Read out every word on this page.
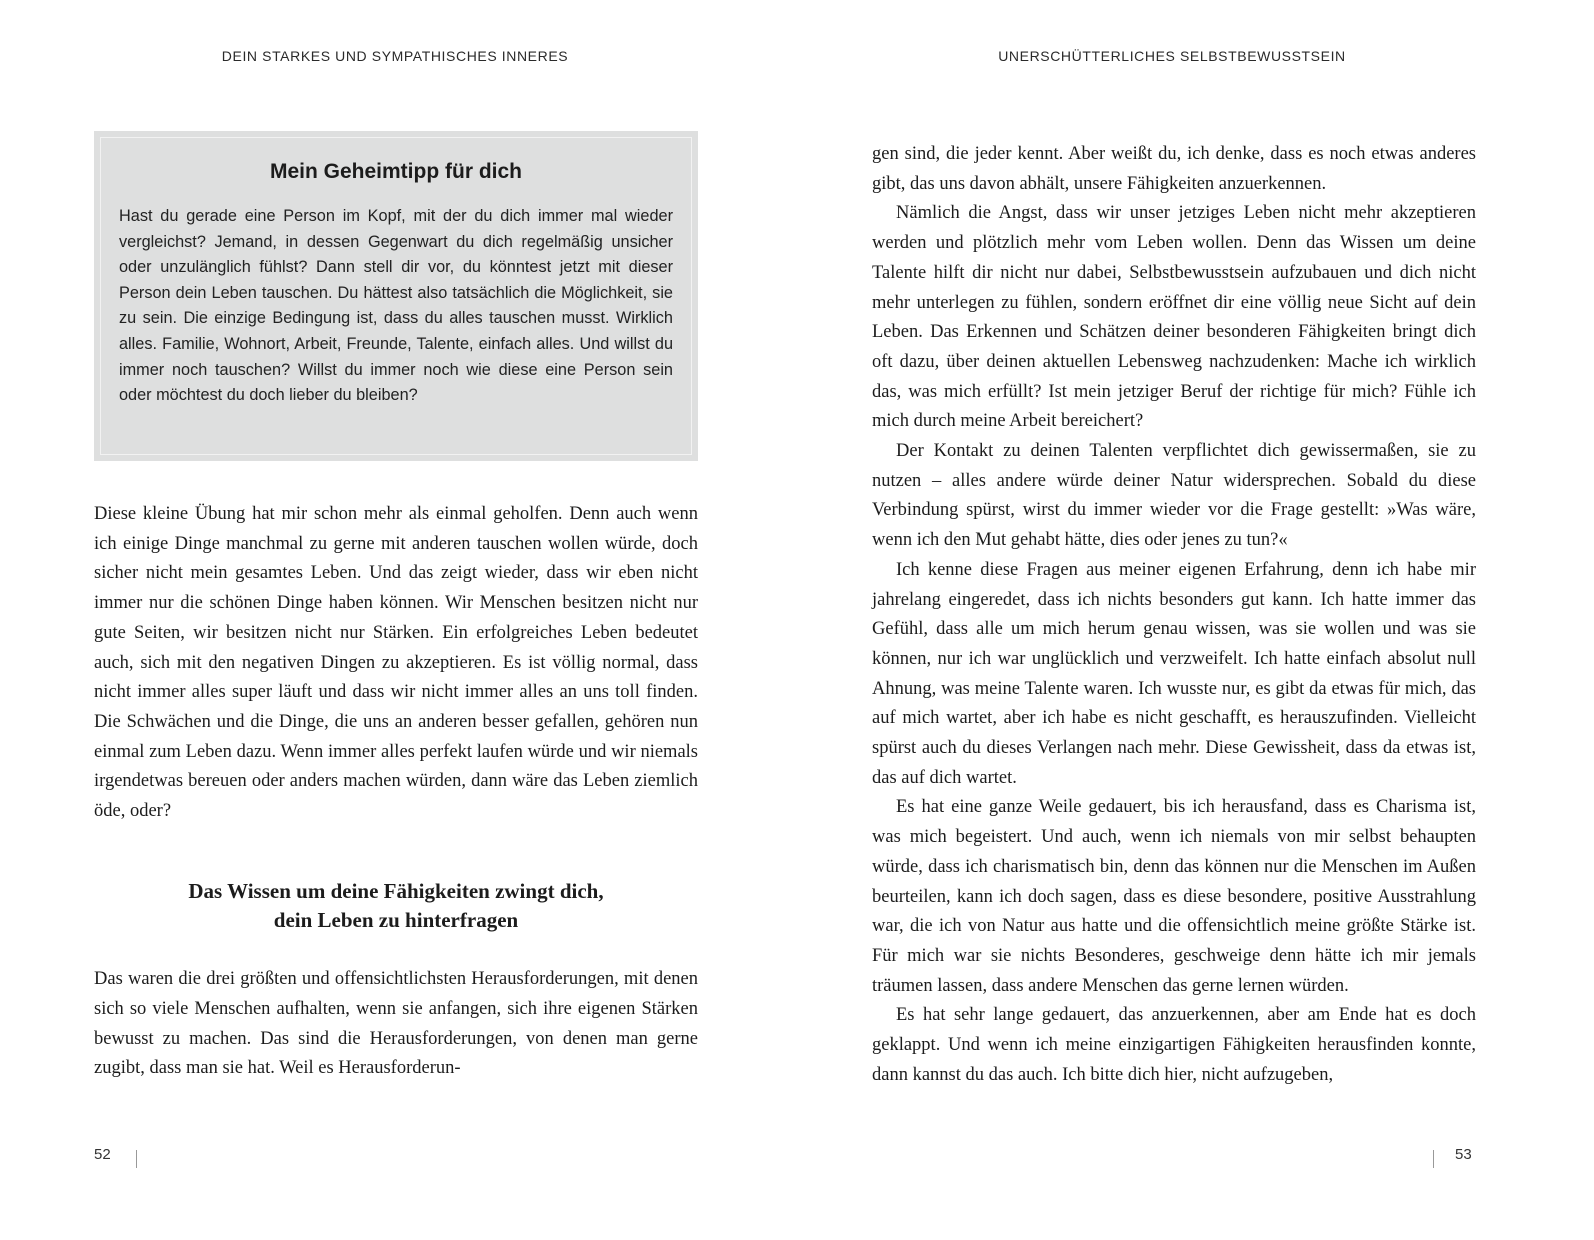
DEIN STARKES UND SYMPATHISCHES INNERES
Mein Geheimtipp für dich

Hast du gerade eine Person im Kopf, mit der du dich immer mal wieder vergleichst? Jemand, in dessen Gegenwart du dich regelmäßig unsicher oder unzulänglich fühlst? Dann stell dir vor, du könntest jetzt mit dieser Person dein Leben tauschen. Du hättest also tatsächlich die Möglichkeit, sie zu sein. Die einzige Bedingung ist, dass du alles tauschen musst. Wirklich alles. Familie, Wohnort, Arbeit, Freunde, Talente, einfach alles. Und willst du immer noch tauschen? Willst du immer noch wie diese eine Person sein oder möchtest du doch lieber du bleiben?

Diese kleine Übung hat mir schon mehr als einmal geholfen. Denn auch wenn ich einige Dinge manchmal zu gerne mit anderen tauschen wollen würde, doch sicher nicht mein gesamtes Leben. Und das zeigt wieder, dass wir eben nicht immer nur die schönen Dinge haben können. Wir Menschen besitzen nicht nur gute Seiten, wir besitzen nicht nur Stärken. Ein erfolgreiches Leben bedeutet auch, sich mit den negativen Dingen zu akzeptieren. Es ist völlig normal, dass nicht immer alles super läuft und dass wir nicht immer alles an uns toll finden. Die Schwächen und die Dinge, die uns an anderen besser gefallen, gehören nun einmal zum Leben dazu. Wenn immer alles perfekt laufen würde und wir niemals irgendetwas bereuen oder anders machen würden, dann wäre das Leben ziemlich öde, oder?

Das Wissen um deine Fähigkeiten zwingt dich,
dein Leben zu hinterfragen

Das waren die drei größten und offensichtlichsten Herausforderungen, mit denen sich so viele Menschen aufhalten, wenn sie anfangen, sich ihre eigenen Stärken bewusst zu machen. Das sind die Herausforderungen, von denen man gerne zugibt, dass man sie hat. Weil es Herausforderun-

52
UNERSCHÜTTERLICHES SELBSTBEWUSSTSEIN

gen sind, die jeder kennt. Aber weißt du, ich denke, dass es noch etwas anderes gibt, das uns davon abhält, unsere Fähigkeiten anzuerkennen.

Nämlich die Angst, dass wir unser jetziges Leben nicht mehr akzeptieren werden und plötzlich mehr vom Leben wollen. Denn das Wissen um deine Talente hilft dir nicht nur dabei, Selbstbewusstsein aufzubauen und dich nicht mehr unterlegen zu fühlen, sondern eröffnet dir eine völlig neue Sicht auf dein Leben. Das Erkennen und Schätzen deiner besonderen Fähigkeiten bringt dich oft dazu, über deinen aktuellen Lebensweg nachzudenken: Mache ich wirklich das, was mich erfüllt? Ist mein jetziger Beruf der richtige für mich? Fühle ich mich durch meine Arbeit bereichert?

Der Kontakt zu deinen Talenten verpflichtet dich gewissermaßen, sie zu nutzen – alles andere würde deiner Natur widersprechen. Sobald du diese Verbindung spürst, wirst du immer wieder vor die Frage gestellt: »Was wäre, wenn ich den Mut gehabt hätte, dies oder jenes zu tun?«

Ich kenne diese Fragen aus meiner eigenen Erfahrung, denn ich habe mir jahrelang eingeredet, dass ich nichts besonders gut kann. Ich hatte immer das Gefühl, dass alle um mich herum genau wissen, was sie wollen und was sie können, nur ich war unglücklich und verzweifelt. Ich hatte einfach absolut null Ahnung, was meine Talente waren. Ich wusste nur, es gibt da etwas für mich, das auf mich wartet, aber ich habe es nicht geschafft, es herauszufinden. Vielleicht spürst auch du dieses Verlangen nach mehr. Diese Gewissheit, dass da etwas ist, das auf dich wartet.

Es hat eine ganze Weile gedauert, bis ich herausfand, dass es Charisma ist, was mich begeistert. Und auch, wenn ich niemals von mir selbst behaupten würde, dass ich charismatisch bin, denn das können nur die Menschen im Außen beurteilen, kann ich doch sagen, dass es diese besondere, positive Ausstrahlung war, die ich von Natur aus hatte und die offensichtlich meine größte Stärke ist. Für mich war sie nichts Besonderes, geschweige denn hätte ich mir jemals träumen lassen, dass andere Menschen das gerne lernen würden.

Es hat sehr lange gedauert, das anzuerkennen, aber am Ende hat es doch geklappt. Und wenn ich meine einzigartigen Fähigkeiten herausfinden konnte, dann kannst du das auch. Ich bitte dich hier, nicht aufzugeben,

53
